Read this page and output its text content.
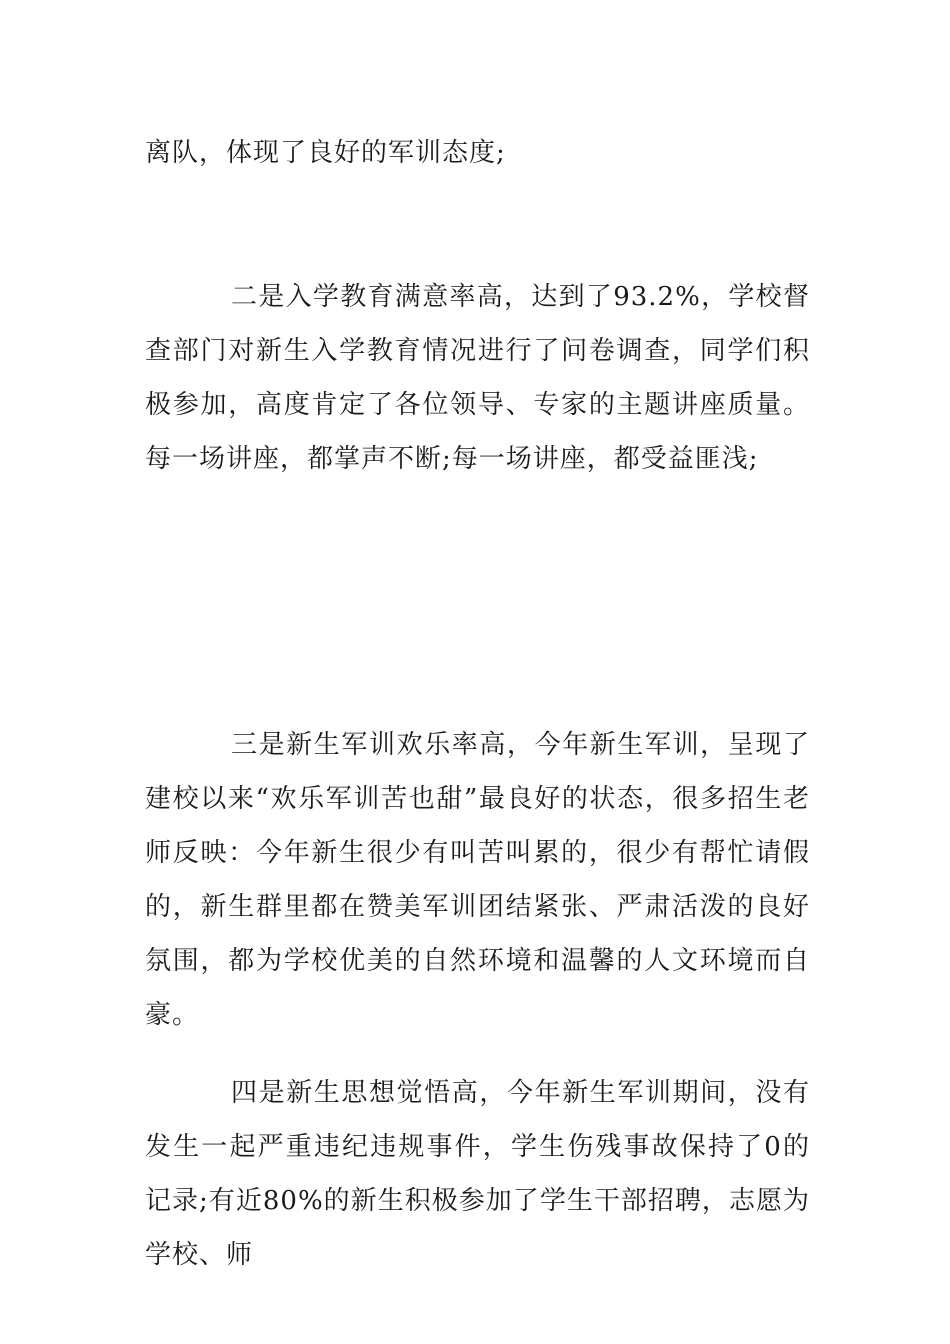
离队，体现了良好的军训态度;

二是入学教育满意率高，达到了93.2%，学校督查部门对新生入学教育情况进行了问卷调查，同学们积极参加，高度肯定了各位领导、专家的主题讲座质量。每一场讲座，都掌声不断;每一场讲座，都受益匪浅;

三是新生军训欢乐率高，今年新生军训，呈现了建校以来“欢乐军训苦也甜”最良好的状态，很多招生老师反映：今年新生很少有叫苦叫累的，很少有帮忙请假的，新生群里都在赞美军训团结紧张、严肃活泼的良好氛围，都为学校优美的自然环境和温馨的人文环境而自豪。

四是新生思想觉悟高，今年新生军训期间，没有发生一起严重违纪违规事件，学生伤残事故保持了0的记录;有近80%的新生积极参加了学生干部招聘，志愿为学校、师
